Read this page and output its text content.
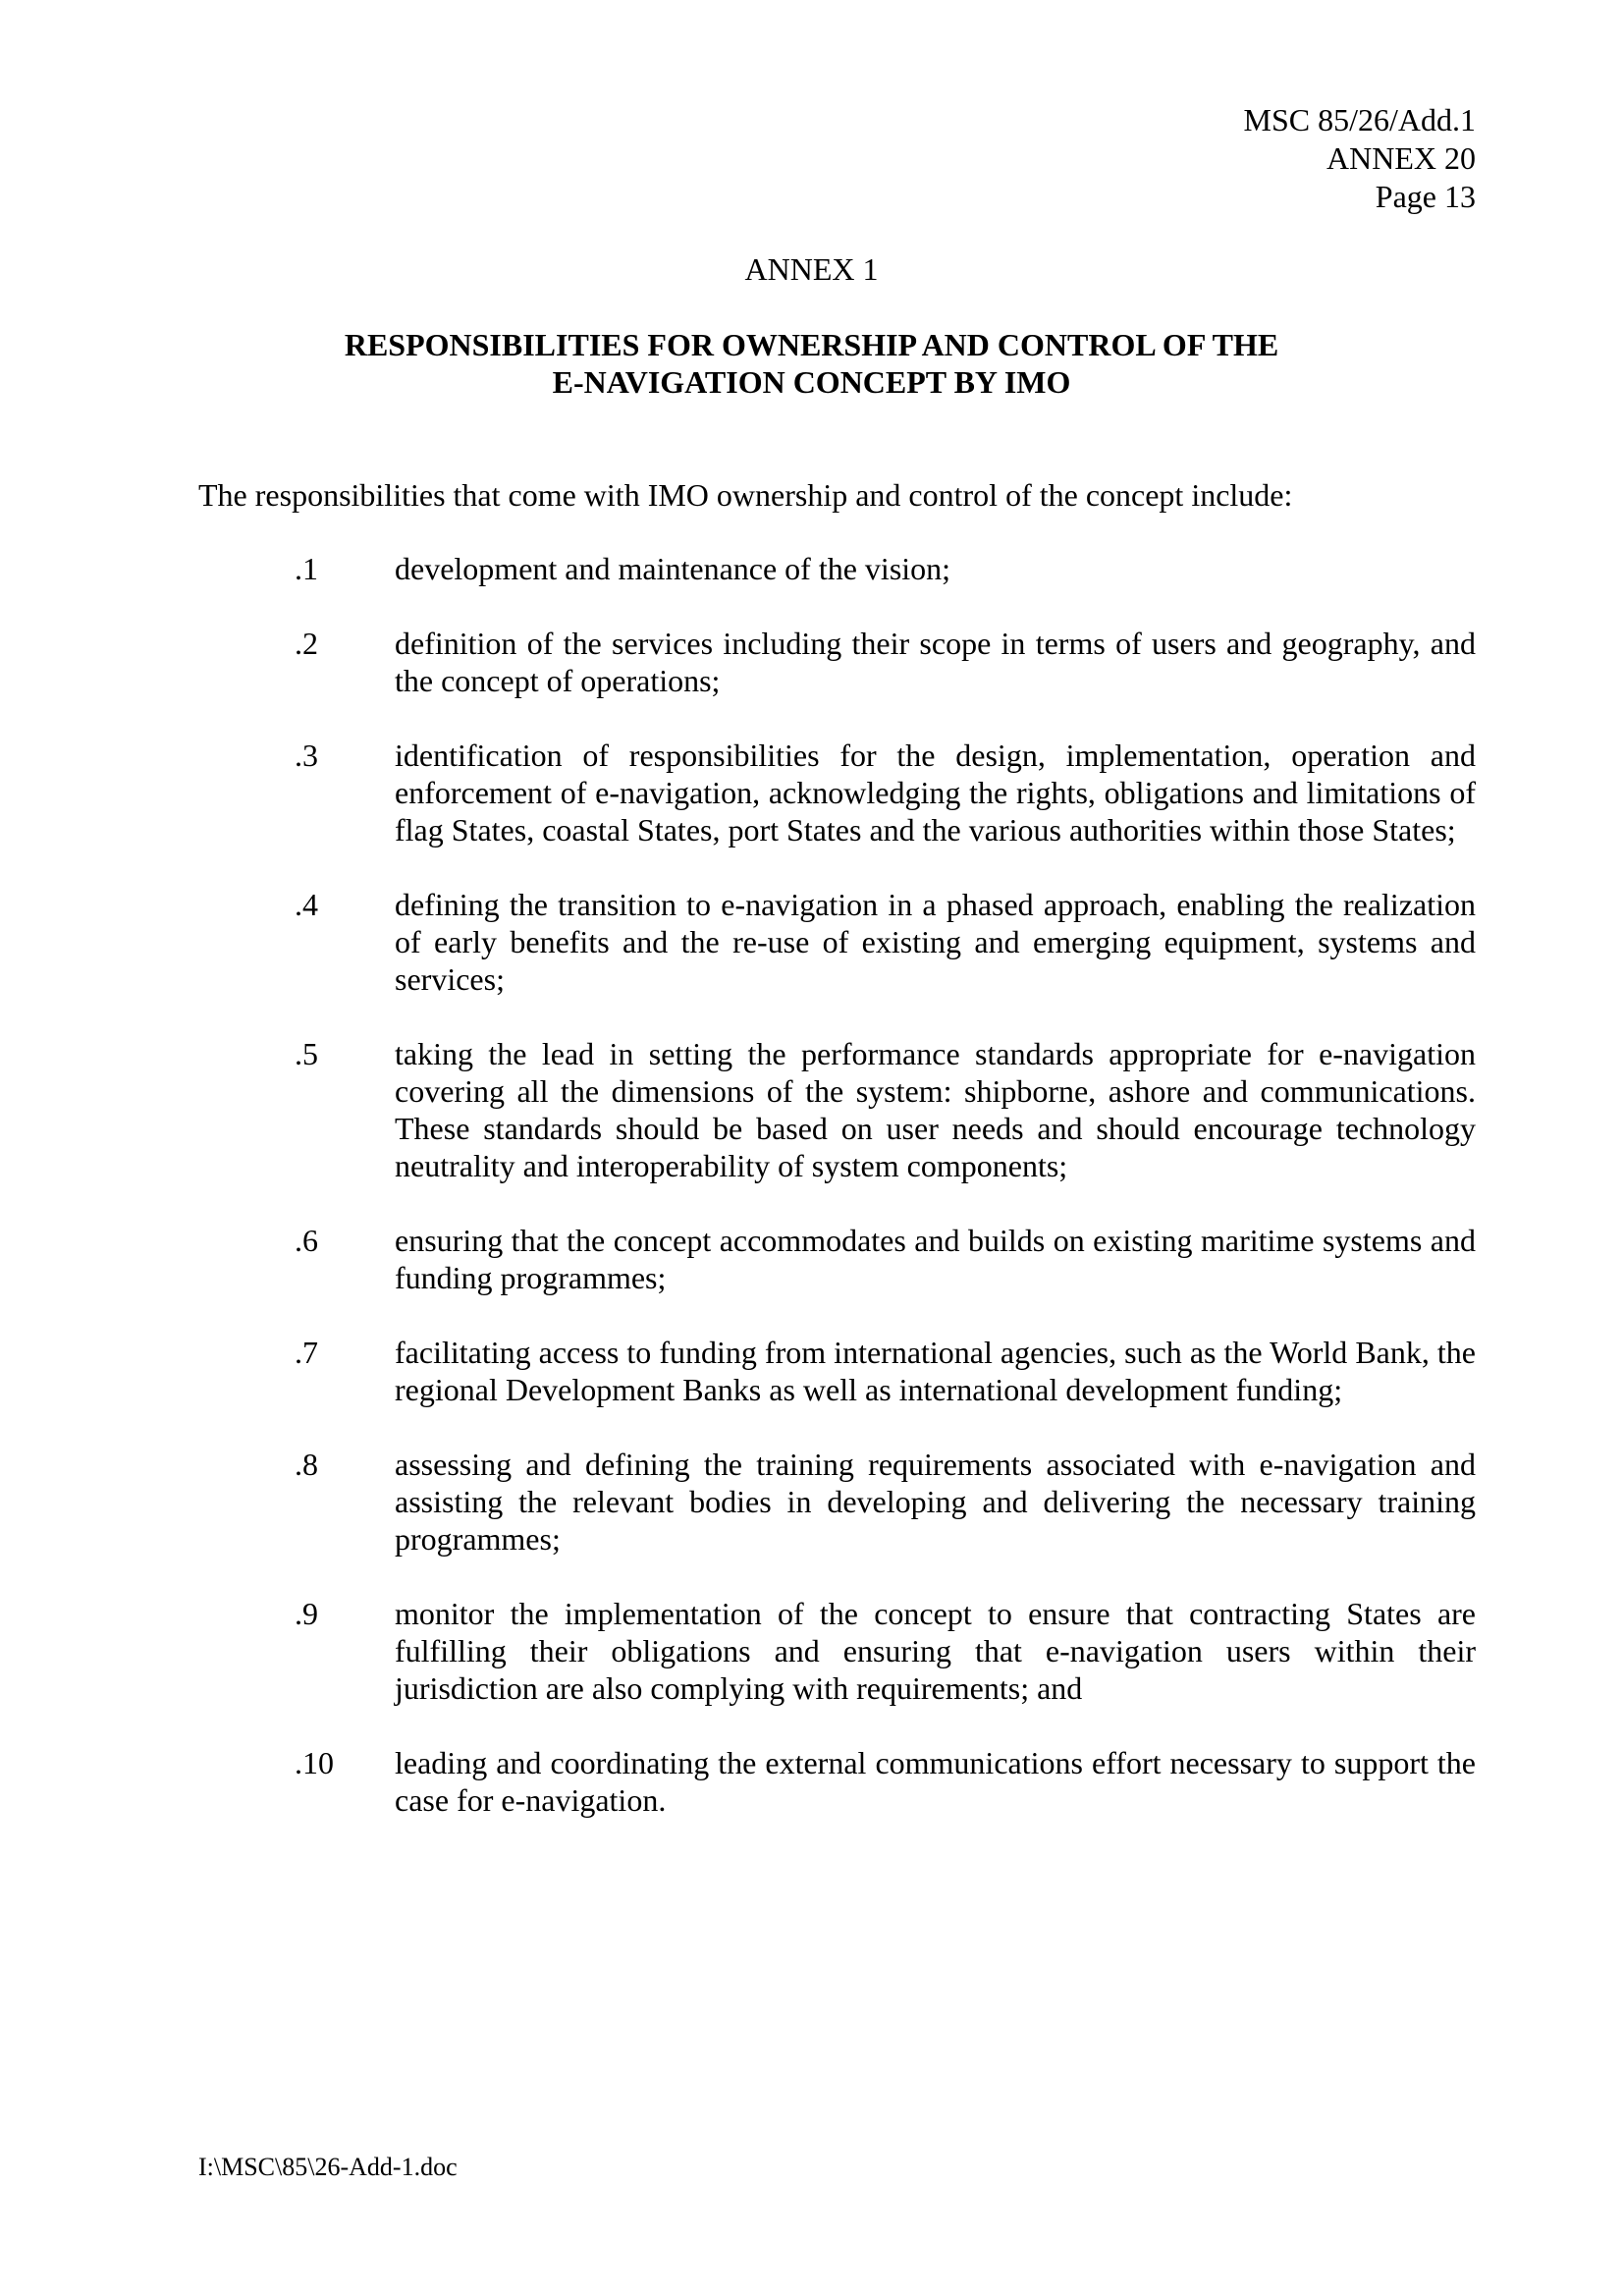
MSC 85/26/Add.1
ANNEX 20
Page 13
ANNEX 1
RESPONSIBILITIES FOR OWNERSHIP AND CONTROL OF THE
E-NAVIGATION CONCEPT BY IMO
The responsibilities that come with IMO ownership and control of the concept include:
.1	development and maintenance of the vision;
.2	definition of the services including their scope in terms of users and geography, and the concept of operations;
.3	identification of responsibilities for the design, implementation, operation and enforcement of e-navigation, acknowledging the rights, obligations and limitations of flag States, coastal States, port States and the various authorities within those States;
.4	defining the transition to e-navigation in a phased approach, enabling the realization of early benefits and the re-use of existing and emerging equipment, systems and services;
.5	taking the lead in setting the performance standards appropriate for e-navigation covering all the dimensions of the system: shipborne, ashore and communications. These standards should be based on user needs and should encourage technology neutrality and interoperability of system components;
.6	ensuring that the concept accommodates and builds on existing maritime systems and funding programmes;
.7	facilitating access to funding from international agencies, such as the World Bank, the regional Development Banks as well as international development funding;
.8	assessing and defining the training requirements associated with e-navigation and assisting the relevant bodies in developing and delivering the necessary training programmes;
.9	monitor the implementation of the concept to ensure that contracting States are fulfilling their obligations and ensuring that e-navigation users within their jurisdiction are also complying with requirements; and
.10	leading and coordinating the external communications effort necessary to support the case for e-navigation.
I:\MSC\85\26-Add-1.doc
